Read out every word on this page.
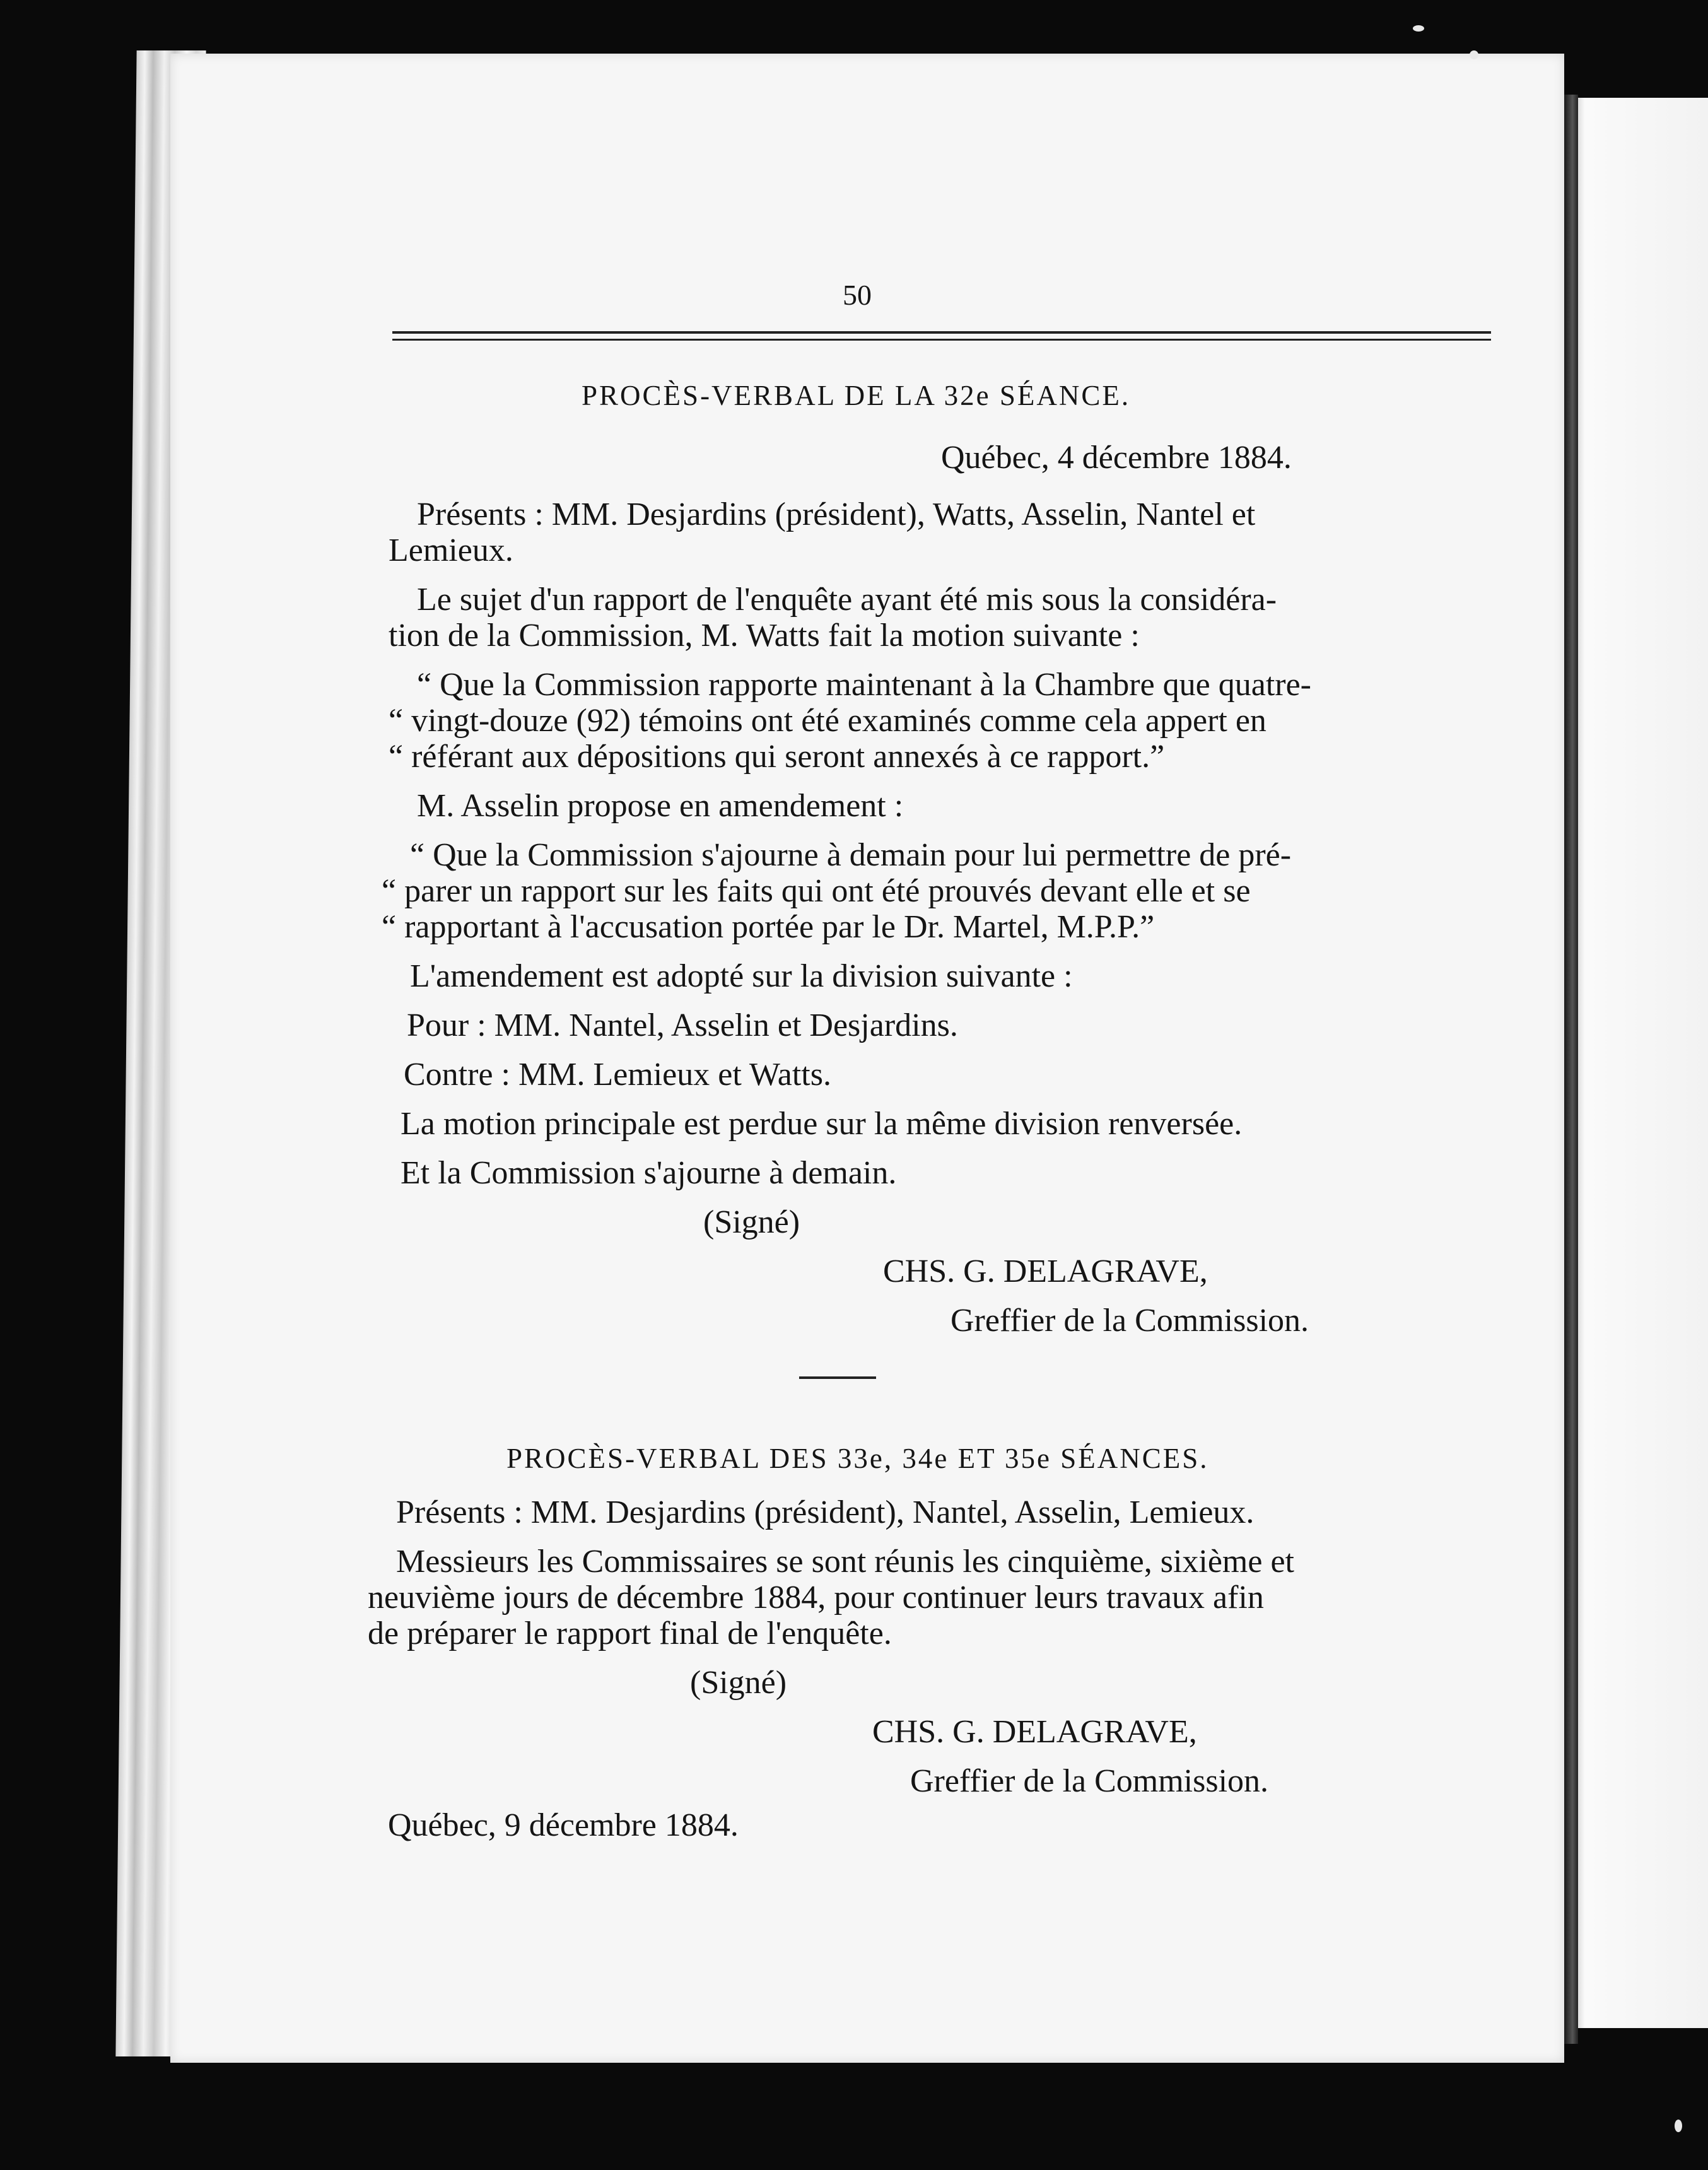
50
PROCÈS-VERBAL DE LA 32e SÉANCE.
Québec, 4 décembre 1884.
Présents : MM. Desjardins (président), Watts, Asselin, Nantel et
Lemieux.
Le sujet d'un rapport de l'enquête ayant été mis sous la considéra-
tion de la Commission, M. Watts fait la motion suivante :
“ Que la Commission rapporte maintenant à la Chambre que quatre-
“ vingt-douze (92) témoins ont été examinés comme cela appert en
“ référant aux dépositions qui seront annexés à ce rapport.”
M. Asselin propose en amendement :
“ Que la Commission s'ajourne à demain pour lui permettre de pré-
“ parer un rapport sur les faits qui ont été prouvés devant elle et se
“ rapportant à l'accusation portée par le Dr. Martel, M.P.P.”
L'amendement est adopté sur la division suivante :
Pour : MM. Nantel, Asselin et Desjardins.
Contre : MM. Lemieux et Watts.
La motion principale est perdue sur la même division renversée.
Et la Commission s'ajourne à demain.
(Signé)
CHS. G. DELAGRAVE,
Greffier de la Commission.
PROCÈS-VERBAL DES 33e, 34e ET 35e SÉANCES.
Présents : MM. Desjardins (président), Nantel, Asselin, Lemieux.
Messieurs les Commissaires se sont réunis les cinquième, sixième et
neuvième jours de décembre 1884, pour continuer leurs travaux afin
de préparer le rapport final de l'enquête.
(Signé)
CHS. G. DELAGRAVE,
Greffier de la Commission.
Québec, 9 décembre 1884.
